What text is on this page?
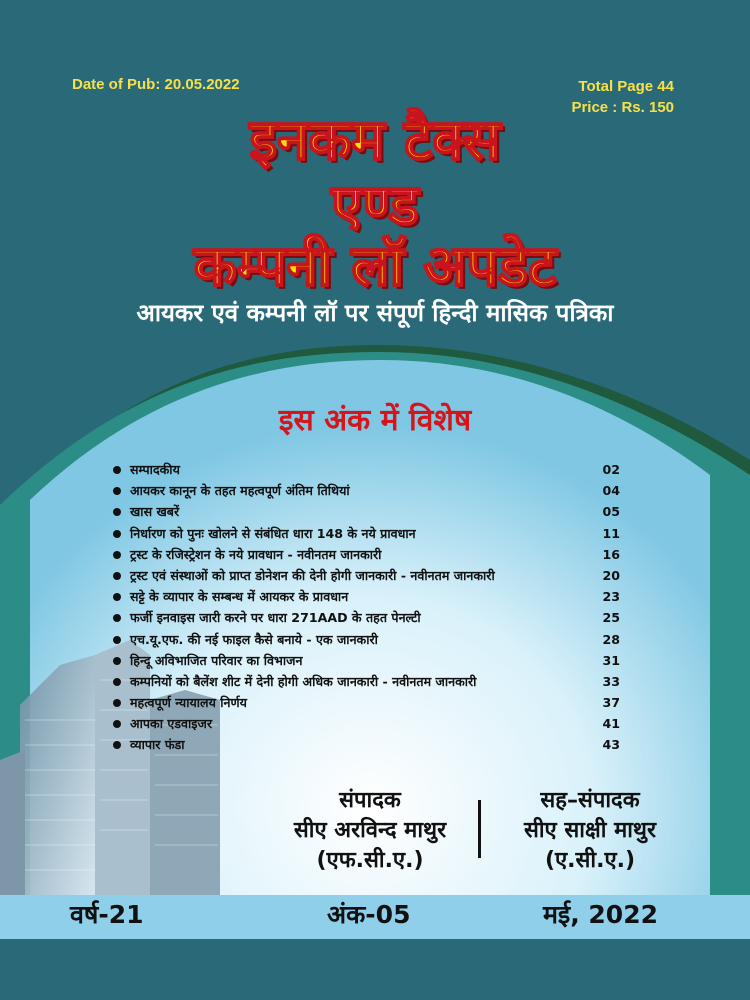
Date of Pub: 20.05.2022	Total Page 44
Price : Rs. 150
इनकम टैक्स
एण्ड
कम्पनी लॉ अपडेट
आयकर एवं कम्पनी लॉ पर संपूर्ण हिन्दी मासिक पत्रिका
इस अंक में विशेष
सम्पादकीय	02
आयकर कानून के तहत महत्वपूर्ण अंतिम तिथियां	04
खास खबरें	05
निर्धारण को पुनः खोलने से संबंधित धारा 148 के नये प्रावधान	11
ट्रस्ट के रजिस्ट्रेशन के नये प्रावधान - नवीनतम जानकारी	16
ट्रस्ट एवं संस्थाओं को प्राप्त डोनेशन की देनी होगी जानकारी - नवीनतम जानकारी	20
सट्टे के व्यापार के सम्बन्ध में आयकर के प्रावधान	23
फर्जी इनवाइस जारी करने पर धारा 271AAD के तहत पेनल्टी	25
एच.यू.एफ. की नई फाइल कैसे बनाये - एक जानकारी	28
हिन्दू अविभाजित परिवार का विभाजन	31
कम्पनियों को बैलेंश शीट में देनी होगी अधिक जानकारी - नवीनतम जानकारी	33
महत्वपूर्ण न्यायालय निर्णय	37
आपका एडवाइजर	41
व्यापार फंडा	43
संपादक
सीए अरविन्द माथुर
(एफ.सी.ए.)
सह–संपादक
सीए साक्षी माथुर
(ए.सी.ए.)
वर्ष-21	अंक-05	मई, 2022
